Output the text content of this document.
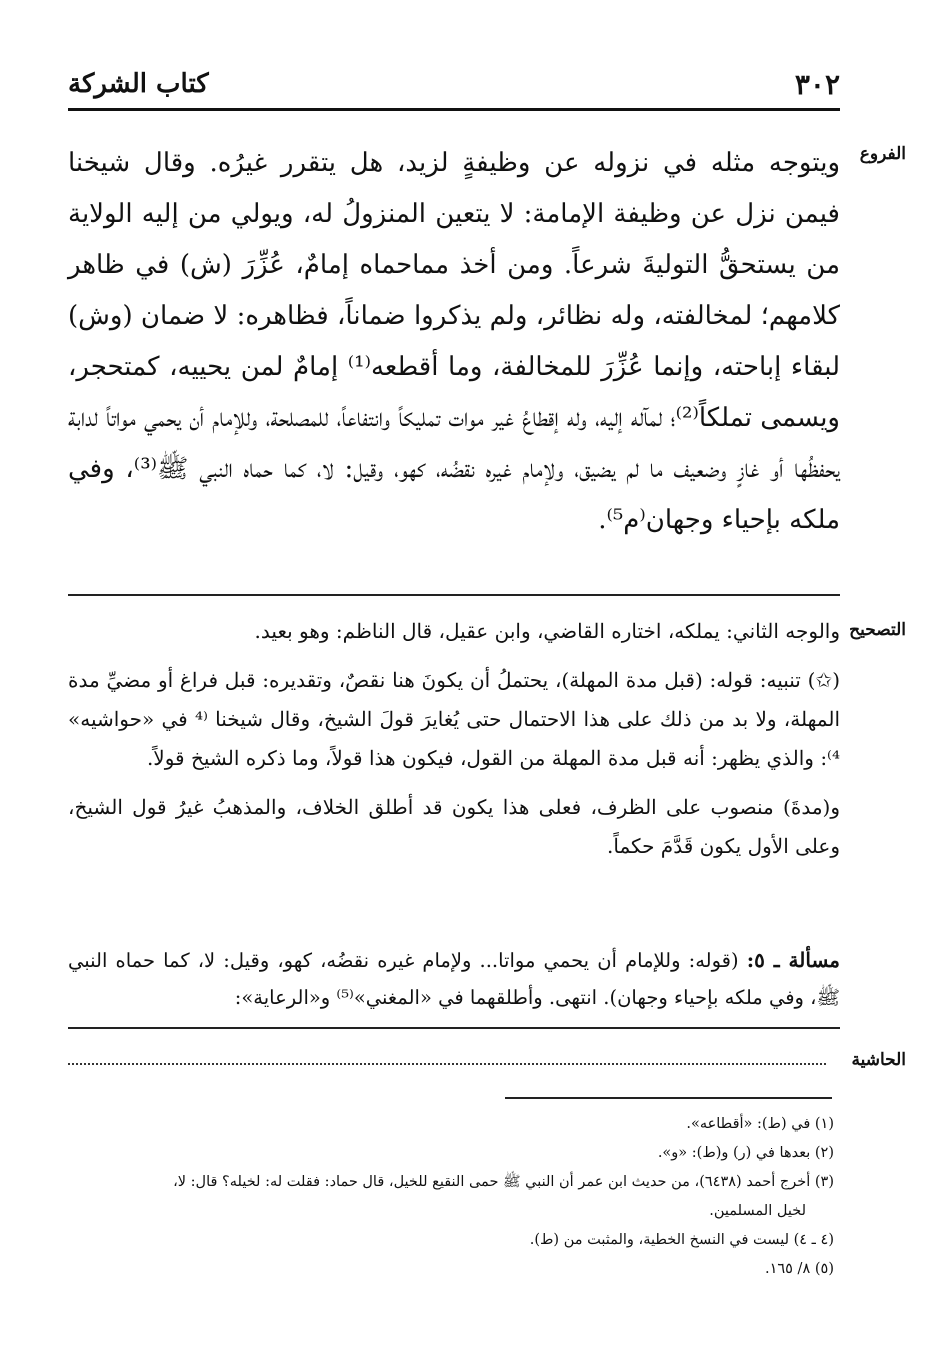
٣٠٢
كتاب الشركة
الفروع
ويتوجه مثله في نزوله عن وظيفةٍ لزيد، هل يتقرر غيرُه. وقال شيخنا فيمن نزل عن وظيفة الإمامة: لا يتعين المنزولُ له، ويولي من إليه الولاية من يستحقُّ التوليةَ شرعاً. ومن أخذ مماحماه إمامٌ، عُزِّرَ (ش) في ظاهر كلامهم؛ لمخالفته، وله نظائر، ولم يذكروا ضماناً، فظاهره: لا ضمان (وش) لبقاء إباحته، وإنما عُزِّرَ للمخالفة، وما أقطعه⁽¹⁾ إمامٌ لمن يحييه، كمتحجر، ويسمى تملكاً⁽²⁾؛ لمآله إليه، وله إقطاعُ غير موات تمليكاً وانتفاعاً، للمصلحة، وللإمام أن يحمي مواتاً لدابة يحفظُها أو غازٍ وضعيف ما لم يضيق، ولإمام غيره نقضُه، كهو، وقيل: لا، كما حماه النبي ﷺ⁽³⁾، وفي ملكه بإحياء وجهان⁽م⁵⁾.
التصحيح

والوجه الثاني: يملكه، اختاره القاضي، وابن عقيل، قال الناظم: وهو بعيد.

(✩) تنبيه: قوله: (قبل مدة المهلة)، يحتملُ أن يكونَ هنا نقصٌ، وتقديره: قبل فراغ أو مضيِّ مدة المهلة، ولا بد من ذلك على هذا الاحتمال حتى يُغايرَ قولَ الشيخ، وقال شيخنا ⁽⁴ في «حواشيه» ⁴⁾: والذي يظهر: أنه قبل مدة المهلة من القول، فيكون هذا قولاً، وما ذكره الشيخ قولاً.

و(مدةَ) منصوب على الظرف، فعلى هذا يكون قد أطلق الخلاف، والمذهبُ غيرُ قول الشيخ، وعلى الأول يكون قَدَّمَ حكماً.

مسألة ـ ٥: (قوله: وللإمام أن يحمي مواتا... ولإمام غيره نقضُه، كهو، وقيل: لا، كما حماه النبي ﷺ، وفي ملكه بإحياء وجهان). انتهى. وأطلقهما في «المغني»⁽⁵⁾ و«الرعاية»:
الحاشية

(١) في (ط): «أقطاعه».

(٢) بعدها في (ر) و(ط): «و».

(٣) أخرج أحمد (٦٤٣٨)، من حديث ابن عمر أن النبي ﷺ حمى النقيع للخيل، قال حماد: فقلت له: لخيله؟ قال: لا،

لخيل المسلمين.

(٤ ـ ٤) ليست في النسخ الخطية، والمثبت من (ط).

(٥) ٨/ ١٦٥.
